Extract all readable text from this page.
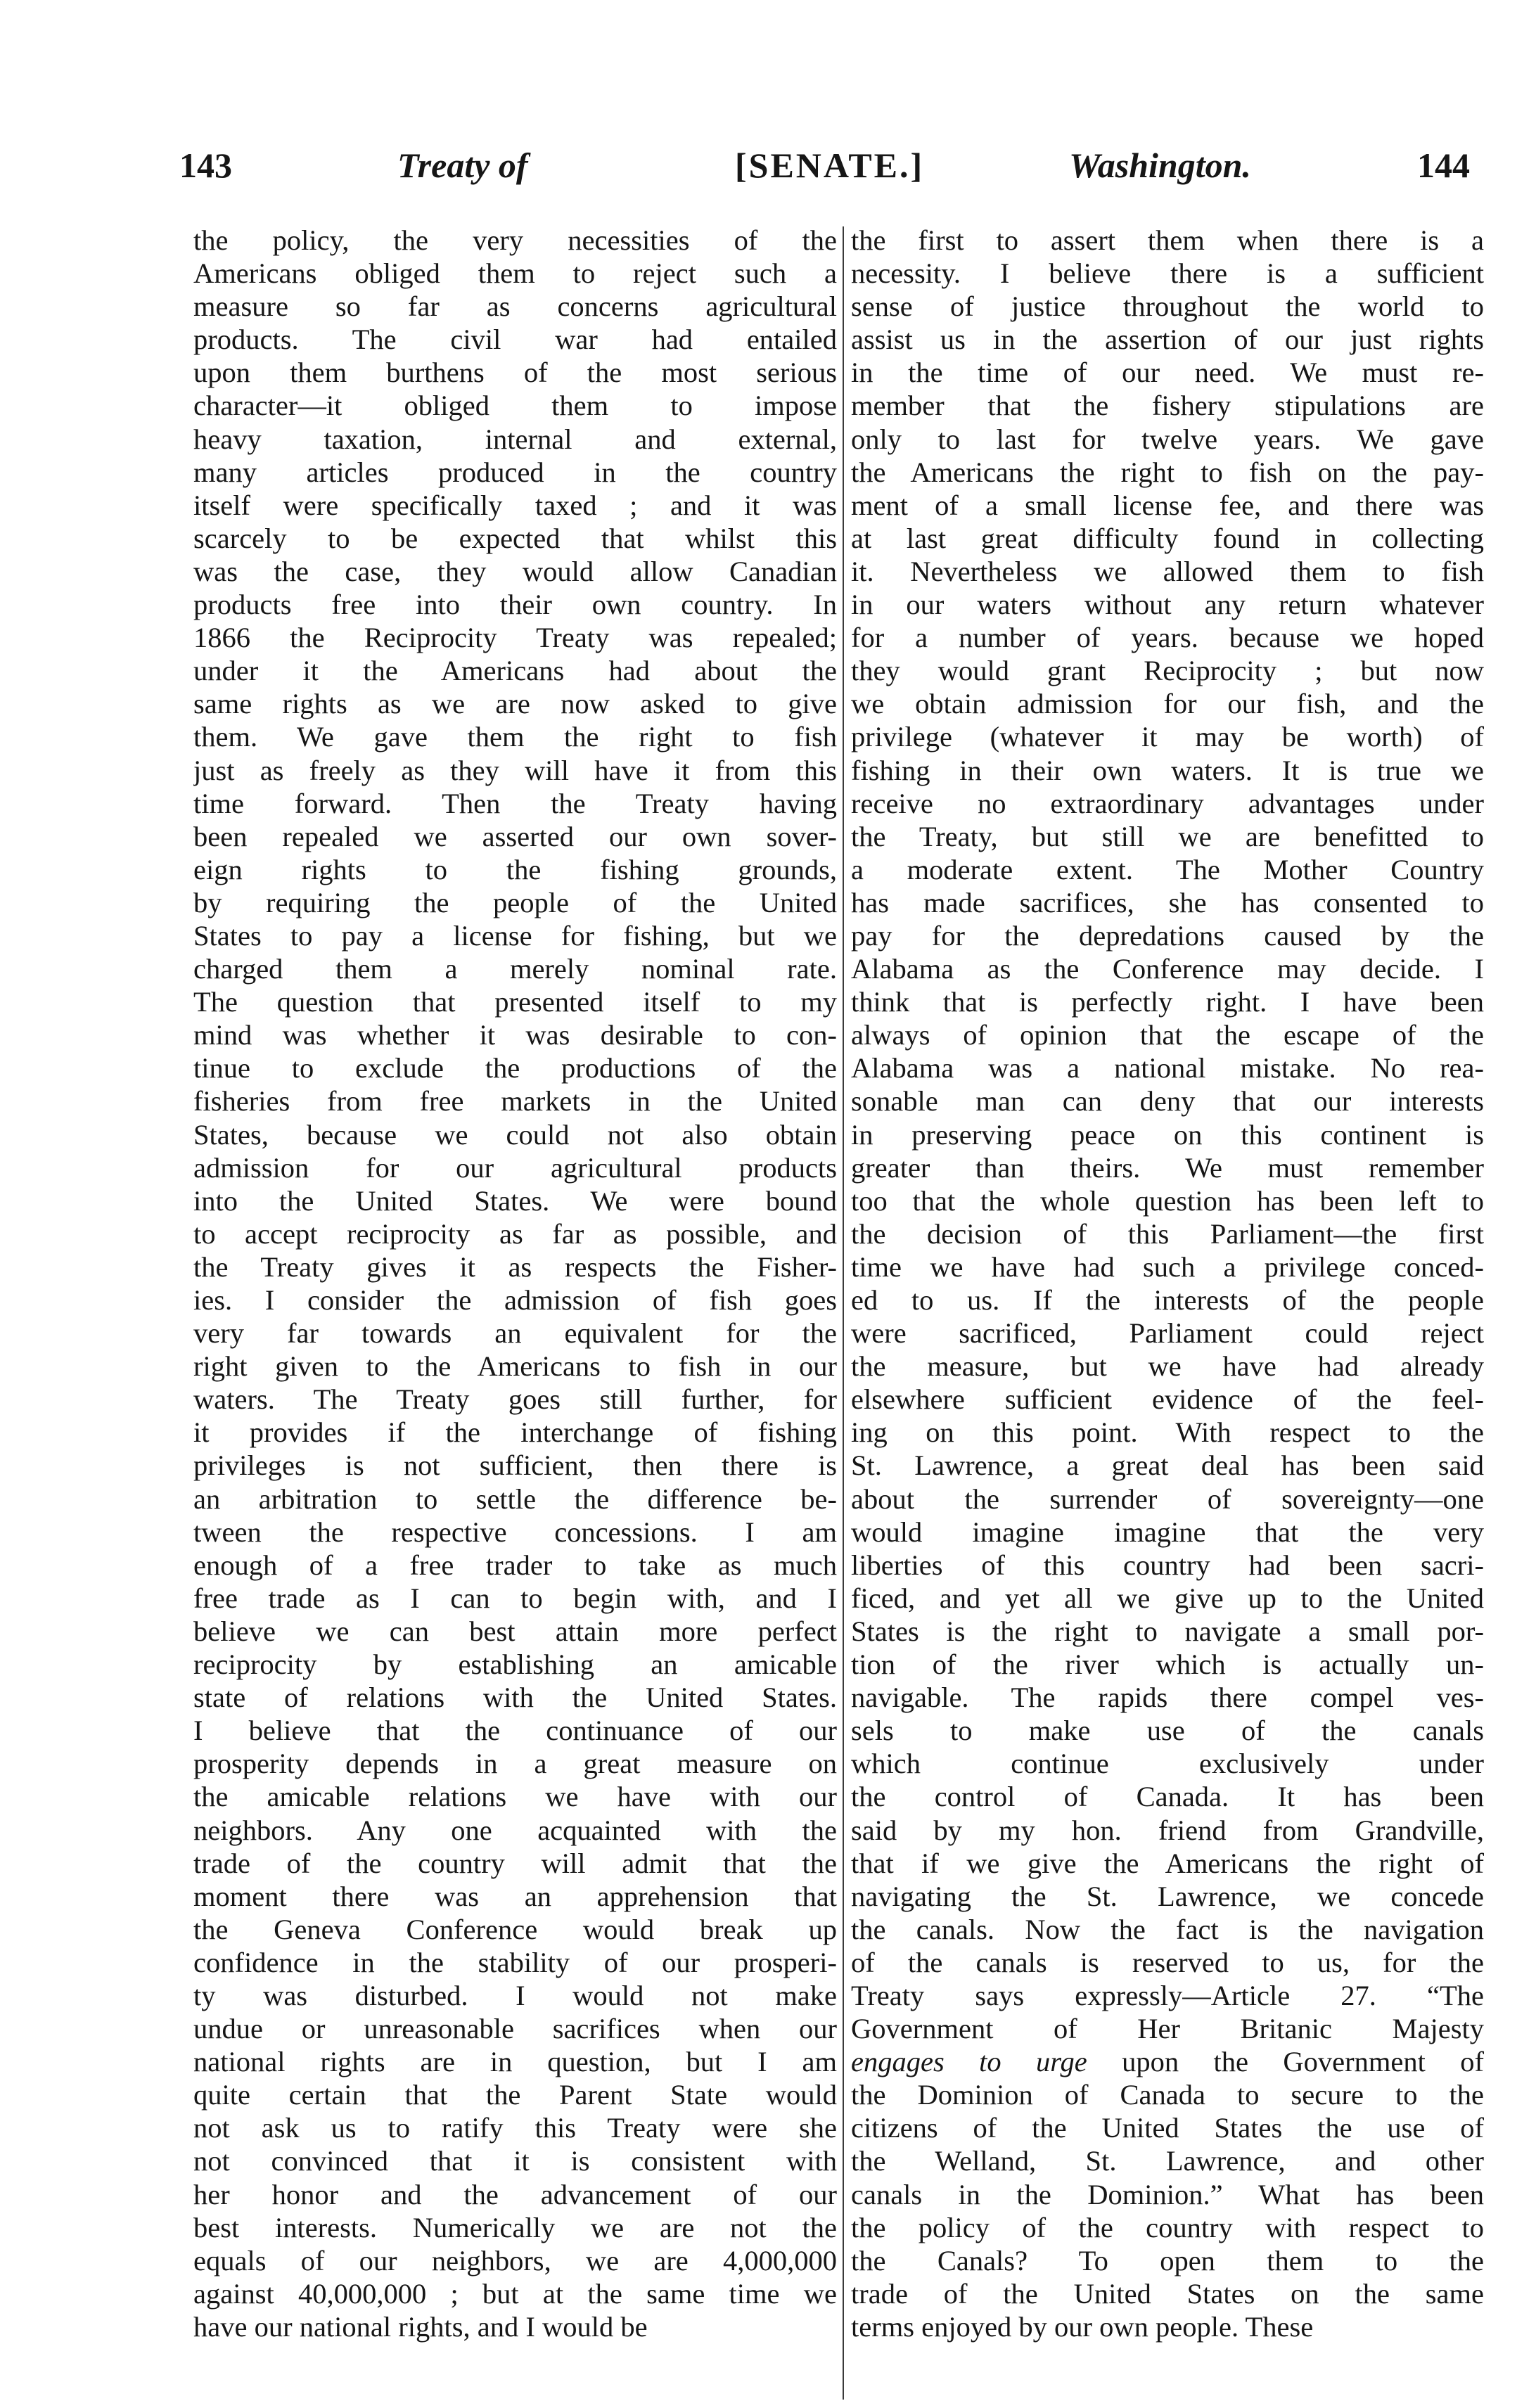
143	Treaty of	[SENATE.]	Washington.	144
the policy, the very necessities of the
Americans obliged them to reject such a
measure so far as concerns agricultural
products. The civil war had entailed
upon them burthens of the most serious
character—it obliged them to impose
heavy taxation, internal and external,
many articles produced in the country
itself were specifically taxed ; and it was
scarcely to be expected that whilst this
was the case, they would allow Canadian
products free into their own country. In
1866 the Reciprocity Treaty was repealed;
under it the Americans had about the
same rights as we are now asked to give
them. We gave them the right to fish
just as freely as they will have it from this
time forward. Then the Treaty having
been repealed we asserted our own sover-
eign rights to the fishing grounds,
by requiring the people of the United
States to pay a license for fishing, but we
charged them a merely nominal rate.
The question that presented itself to my
mind was whether it was desirable to con-
tinue to exclude the productions of the
fisheries from free markets in the United
States, because we could not also obtain
admission for our agricultural products
into the United States. We were bound
to accept reciprocity as far as possible, and
the Treaty gives it as respects the Fisher-
ies. I consider the admission of fish goes
very far towards an equivalent for the
right given to the Americans to fish in our
waters. The Treaty goes still further, for
it provides if the interchange of fishing
privileges is not sufficient, then there is
an arbitration to settle the difference be-
tween the respective concessions. I am
enough of a free trader to take as much
free trade as I can to begin with, and I
believe we can best attain more perfect
reciprocity by establishing an amicable
state of relations with the United States.
I believe that the continuance of our
prosperity depends in a great measure on
the amicable relations we have with our
neighbors. Any one acquainted with the
trade of the country will admit that the
moment there was an apprehension that
the Geneva Conference would break up
confidence in the stability of our prosperi-
ty was disturbed. I would not make
undue or unreasonable sacrifices when our
national rights are in question, but I am
quite certain that the Parent State would
not ask us to ratify this Treaty were she
not convinced that it is consistent with
her honor and the advancement of our
best interests. Numerically we are not the
equals of our neighbors, we are 4,000,000
against 40,000,000 ; but at the same time we
have our national rights, and I would be
the first to assert them when there is a
necessity. I believe there is a sufficient
sense of justice throughout the world to
assist us in the assertion of our just rights
in the time of our need. We must re-
member that the fishery stipulations are
only to last for twelve years. We gave
the Americans the right to fish on the pay-
ment of a small license fee, and there was
at last great difficulty found in collecting
it. Nevertheless we allowed them to fish
in our waters without any return whatever
for a number of years. because we hoped
they would grant Reciprocity ; but now
we obtain admission for our fish, and the
privilege (whatever it may be worth) of
fishing in their own waters. It is true we
receive no extraordinary advantages under
the Treaty, but still we are benefitted to
a moderate extent. The Mother Country
has made sacrifices, she has consented to
pay for the depredations caused by the
Alabama as the Conference may decide. I
think that is perfectly right. I have been
always of opinion that the escape of the
Alabama was a national mistake. No rea-
sonable man can deny that our interests
in preserving peace on this continent is
greater than theirs. We must remember
too that the whole question has been left to
the decision of this Parliament—the first
time we have had such a privilege conced-
ed to us. If the interests of the people
were sacrificed, Parliament could reject
the measure, but we have had already
elsewhere sufficient evidence of the feel-
ing on this point. With respect to the
St. Lawrence, a great deal has been said
about the surrender of sovereignty—one
would imagine imagine that the very
liberties of this country had been sacri-
ficed, and yet all we give up to the United
States is the right to navigate a small por-
tion of the river which is actually un-
navigable. The rapids there compel ves-
sels to make use of the canals
which continue exclusively under
the control of Canada. It has been
said by my hon. friend from Grandville,
that if we give the Americans the right of
navigating the St. Lawrence, we concede
the canals. Now the fact is the navigation
of the canals is reserved to us, for the
Treaty says expressly—Article 27. “The
Government of Her Britanic Majesty
engages to urge upon the Government of
the Dominion of Canada to secure to the
citizens of the United States the use of
the Welland, St. Lawrence, and other
canals in the Dominion.” What has been
the policy of the country with respect to
the Canals? To open them to the
trade of the United States on the same
terms enjoyed by our own people. These
